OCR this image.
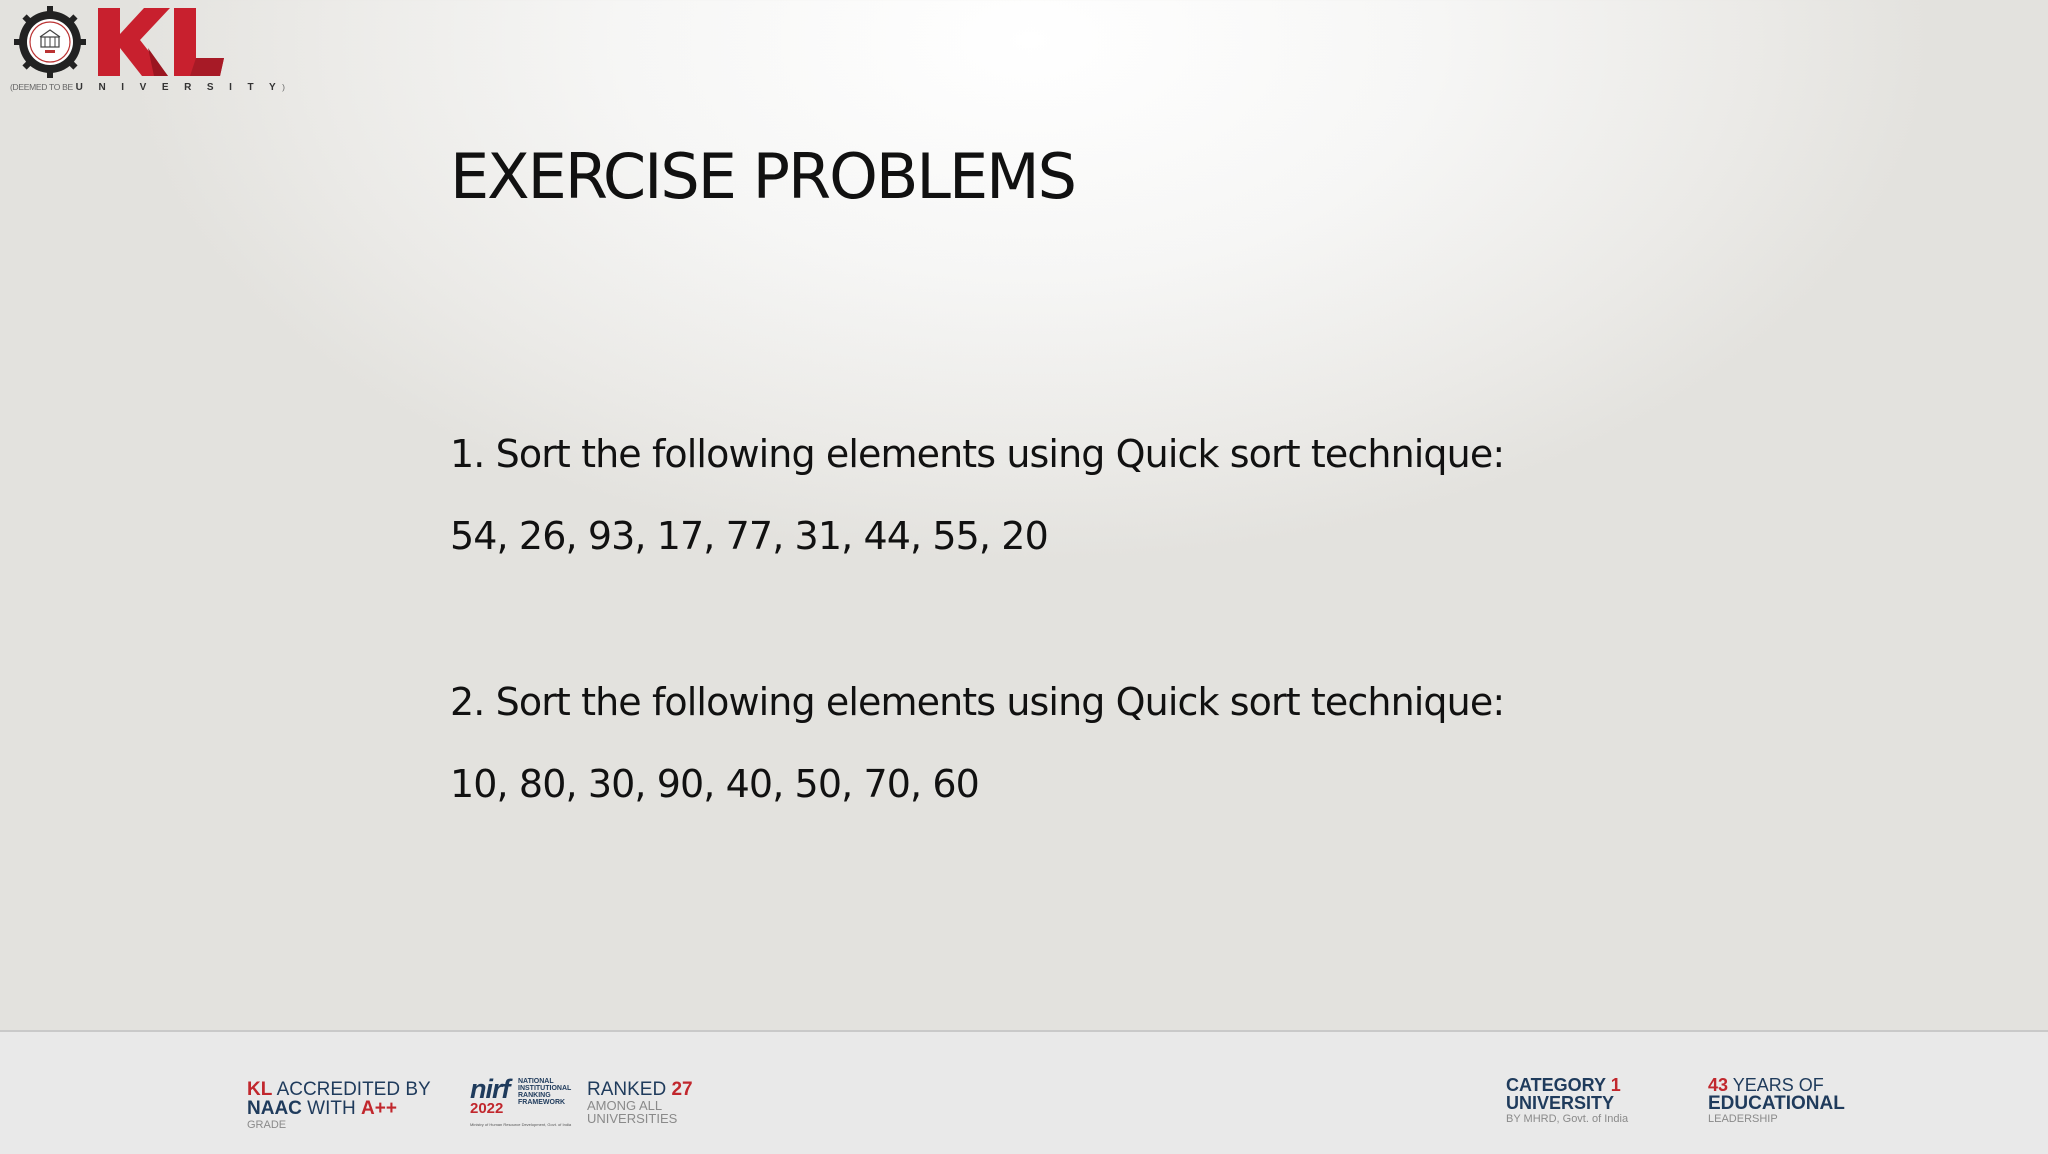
(DEEMED TO BE U N I V E R S I T Y)
EXERCISE PROBLEMS
1. Sort the following elements using Quick sort technique:
54, 26, 93, 17, 77, 31, 44, 55, 20
2. Sort the following elements using Quick sort technique:
10, 80, 30, 90, 40, 50, 70, 60
KL ACCREDITED BY
NAAC WITH A++
GRADE
nirf
2022
NATIONAL
INSTITUTIONAL
RANKING
FRAMEWORK
Ministry of Human Resource Development, Govt. of India
RANKED 27
AMONG ALL
UNIVERSITIES
CATEGORY 1
UNIVERSITY
BY MHRD, Govt. of India
43 YEARS OF
EDUCATIONAL
LEADERSHIP
